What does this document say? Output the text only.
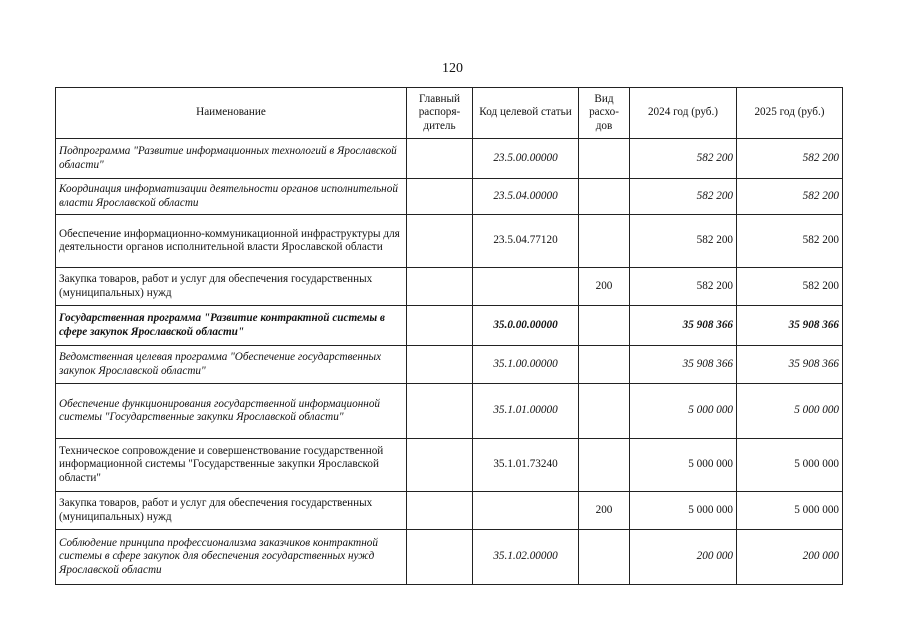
120
Наименование	Главный распоря-дитель	Код целевой статьи	Вид расхо-дов	2024 год (руб.)	2025 год (руб.)
Подпрограмма "Развитие информационных технологий в Ярославской области"		23.5.00.00000		582 200	582 200
Координация информатизации деятельности органов исполнительной власти Ярославской области		23.5.04.00000		582 200	582 200
Обеспечение информационно-коммуникационной инфраструктуры для деятельности органов исполнительной власти Ярославской области		23.5.04.77120		582 200	582 200
Закупка товаров, работ и услуг для обеспечения государственных (муниципальных) нужд			200	582 200	582 200
Государственная программа "Развитие контрактной системы в сфере закупок Ярославской области"		35.0.00.00000		35 908 366	35 908 366
Ведомственная целевая программа "Обеспечение государственных закупок Ярославской области"		35.1.00.00000		35 908 366	35 908 366
Обеспечение функционирования государственной информационной системы "Государственные закупки Ярославской области"		35.1.01.00000		5 000 000	5 000 000
Техническое сопровождение и совершенствование государственной информационной системы "Государственные закупки Ярославской области"		35.1.01.73240		5 000 000	5 000 000
Закупка товаров, работ и услуг для обеспечения государственных (муниципальных) нужд			200	5 000 000	5 000 000
Соблюдение принципа профессионализма заказчиков контрактной системы в сфере закупок для обеспечения государственных нужд Ярославской области		35.1.02.00000		200 000	200 000
